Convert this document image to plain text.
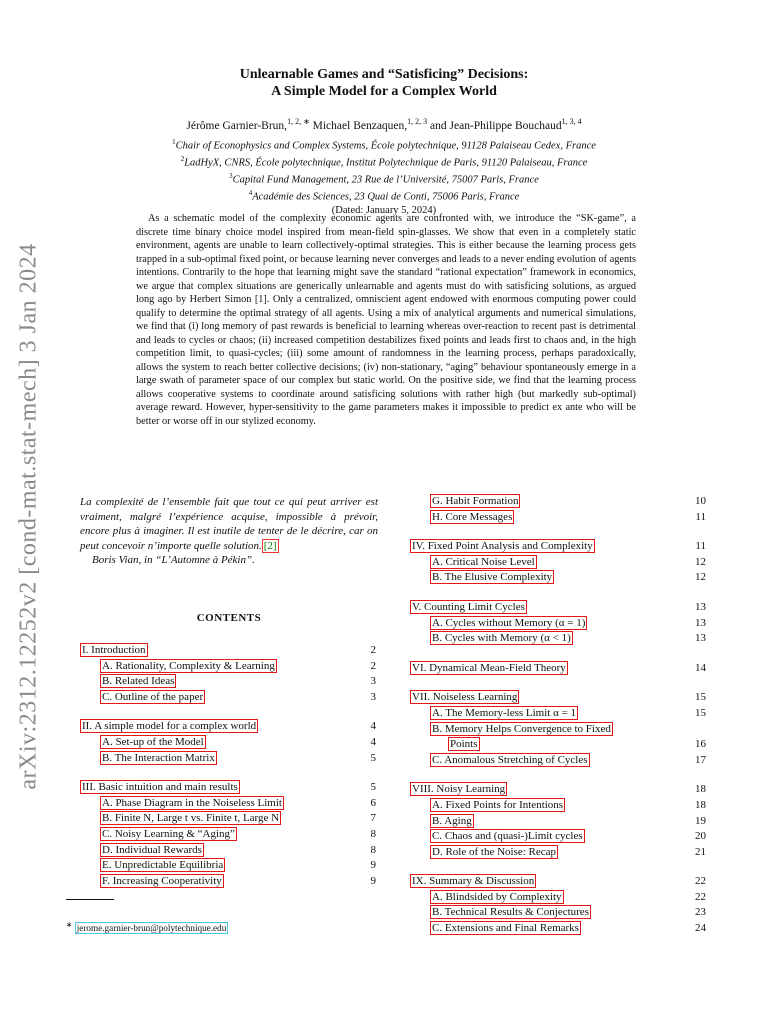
arXiv:2312.12252v2 [cond-mat.stat-mech] 3 Jan 2024
Unlearnable Games and “Satisficing” Decisions:
A Simple Model for a Complex World
Jérôme Garnier-Brun,$^{1, 2, ∗}$ Michael Benzaquen,$^{1, 2, 3}$ and Jean-Philippe Bouchaud$^{1, 3, 4}$
$^1$Chair of Econophysics and Complex Systems, École polytechnique, 91128 Palaiseau Cedex, France
$^2$LadHyX, CNRS, École polytechnique, Institut Polytechnique de Paris, 91120 Palaiseau, France
$^3$Capital Fund Management, 23 Rue de l’Université, 75007 Paris, France
$^4$Académie des Sciences, 23 Quai de Conti, 75006 Paris, France
(Dated: January 5, 2024)

As a schematic model of the complexity economic agents are confronted with, we introduce the “SK-game”, a discrete time binary choice model inspired from mean-field spin-glasses. We show that even in a completely static environment, agents are unable to learn collectively-optimal strategies. This is either because the learning process gets trapped in a sub-optimal fixed point, or because learning never converges and leads to a never ending evolution of agents intentions. Contrarily to the hope that learning might save the standard “rational expectation” framework in economics, we argue that complex situations are generically unlearnable and agents must do with satisficing solutions, as argued long ago by Herbert Simon [1]. Only a centralized, omniscient agent endowed with enormous computing power could qualify to determine the optimal strategy of all agents. Using a mix of analytical arguments and numerical simulations, we find that (i) long memory of past rewards is beneficial to learning whereas over-reaction to recent past is detrimental and leads to cycles or chaos; (ii) increased competition destabilizes fixed points and leads first to chaos and, in the high competition limit, to quasi-cycles; (iii) some amount of randomness in the learning process, perhaps paradoxically, allows the system to reach better collective decisions; (iv) non-stationary, “aging” behaviour spontaneously emerge in a large swath of parameter space of our complex but static world. On the positive side, we find that the learning process allows cooperative systems to coordinate around satisficing solutions with rather high (but markedly sub-optimal) average reward. However, hyper-sensitivity to the game parameters makes it impossible to predict ex ante who will be better or worse off in our stylized economy.

La complexité de l’ensemble fait que tout ce qui peut arriver est vraiment, malgré l’expérience acquise, impossible à prévoir, encore plus à imaginer. Il est inutile de tenter de le décrire, car on peut concevoir n’importe quelle solution. [2]
Boris Vian, in “L’Automne à Pékin”.
CONTENTS
I. Introduction	2
A. Rationality, Complexity & Learning	2
B. Related Ideas	3
C. Outline of the paper	3
II. A simple model for a complex world	4
A. Set-up of the Model	4
B. The Interaction Matrix	5
III. Basic intuition and main results	5
A. Phase Diagram in the Noiseless Limit	6
B. Finite N, Large t vs. Finite t, Large N	7
C. Noisy Learning & “Aging”	8
D. Individual Rewards	8
E. Unpredictable Equilibria	9
F. Increasing Cooperativity	9
G. Habit Formation	10
H. Core Messages	11
IV. Fixed Point Analysis and Complexity	11
A. Critical Noise Level	12
B. The Elusive Complexity	12
V. Counting Limit Cycles	13
A. Cycles without Memory (α = 1)	13
B. Cycles with Memory (α < 1)	13
VI. Dynamical Mean-Field Theory	14
VII. Noiseless Learning	15
A. The Memory-less Limit α = 1	15
B. Memory Helps Convergence to Fixed
Points	16
C. Anomalous Stretching of Cycles	17
VIII. Noisy Learning	18
A. Fixed Points for Intentions	18
B. Aging	19
C. Chaos and (quasi-)Limit cycles	20
D. Role of the Noise: Recap	21
IX. Summary & Discussion	22
A. Blindsided by Complexity	22
B. Technical Results & Conjectures	23
C. Extensions and Final Remarks	24
∗ jerome.garnier-brun@polytechnique.edu
